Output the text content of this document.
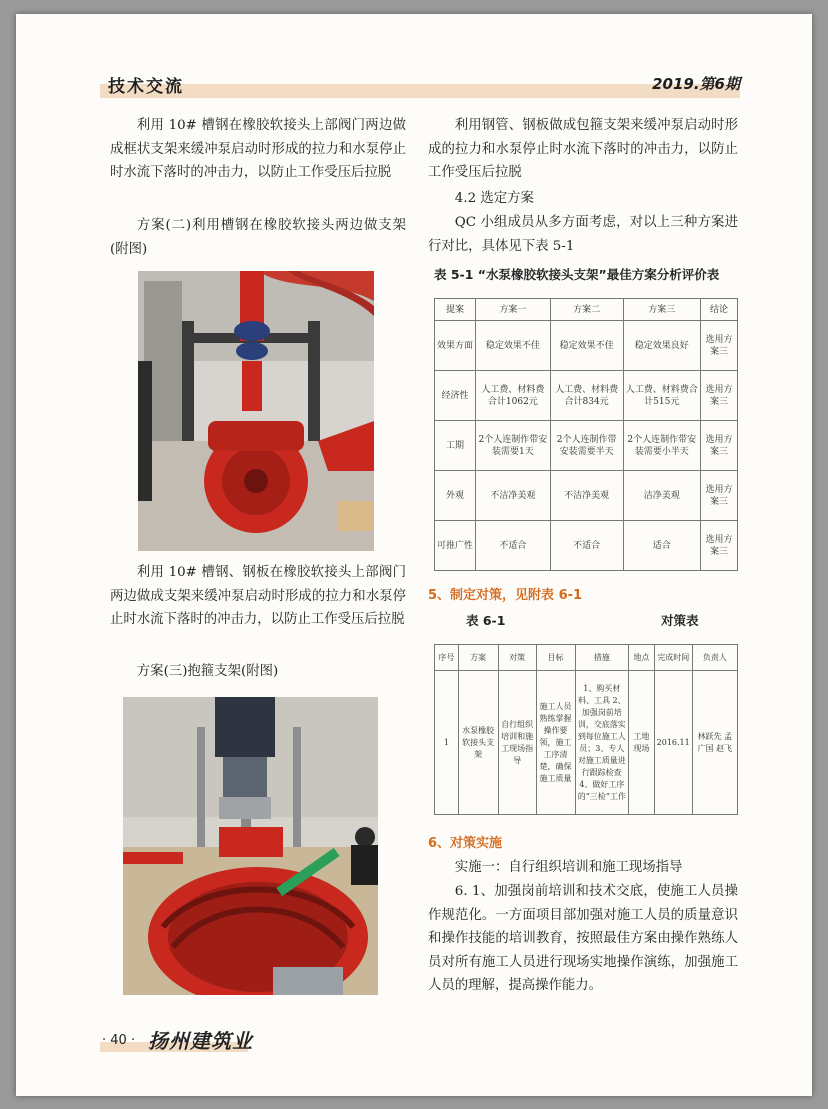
技术交流	2019.第6期

利用 10# 槽钢在橡胶软接头上部阀门两边做成框状支架来缓冲泵启动时形成的拉力和水泵停止时水流下落时的冲击力，以防止工作受压后拉脱

方案(二)利用槽钢在橡胶软接头两边做支架(附图)

利用 10# 槽钢、钢板在橡胶软接头上部阀门两边做成支架来缓冲泵启动时形成的拉力和水泵停止时水流下落时的冲击力，以防止工作受压后拉脱

方案(三)抱箍支架(附图)

利用钢管、钢板做成包箍支架来缓冲泵启动时形成的拉力和水泵停止时水流下落时的冲击力，以防止工作受压后拉脱

4.2 选定方案

QC 小组成员从多方面考虑，对以上三种方案进行对比，具体见下表 5-1

表 5-1 “水泵橡胶软接头支架”最佳方案分析评价表
提案	方案一	方案二	方案三	结论
效果方面	稳定效果不佳	稳定效果不佳	稳定效果良好	选用方案三
经济性	人工费、材料费合计1062元	人工费、材料费合计834元	人工费、材料费合计515元	选用方案三
工期	2个人连制作带安装需要1天	2个人连制作带安装需要半天	2个人连制作带安装需要小半天	选用方案三
外观	不洁净美观	不洁净美观	洁净美观	选用方案三
可推广性	不适合	不适合	适合	选用方案三
5、制定对策，见附表 6-1
表 6-1	对策表
序号	方案	对策	目标	措施	地点	完成时间	负责人
1	水泵橡胶软接头支架	自行组织培训和施工现场指导	施工人员熟练掌握操作要领，施工工序清楚，确保施工质量	1、购买材料、工具 2、加强岗前培训，交底落实到每位施工人员；3、专人对施工质量进行跟踪检查 4、做好工序的“三检”工作	工地现场	2016.11	林跃先 孟广国 赵飞
6、对策实施

实施一：自行组织培训和施工现场指导

6. 1、加强岗前培训和技术交底，使施工人员操作规范化。一方面项目部加强对施工人员的质量意识和操作技能的培训教育，按照最佳方案由操作熟练人员对所有施工人员进行现场实地操作演练，加强施工人员的理解，提高操作能力。

· 40 · 扬州建筑业
